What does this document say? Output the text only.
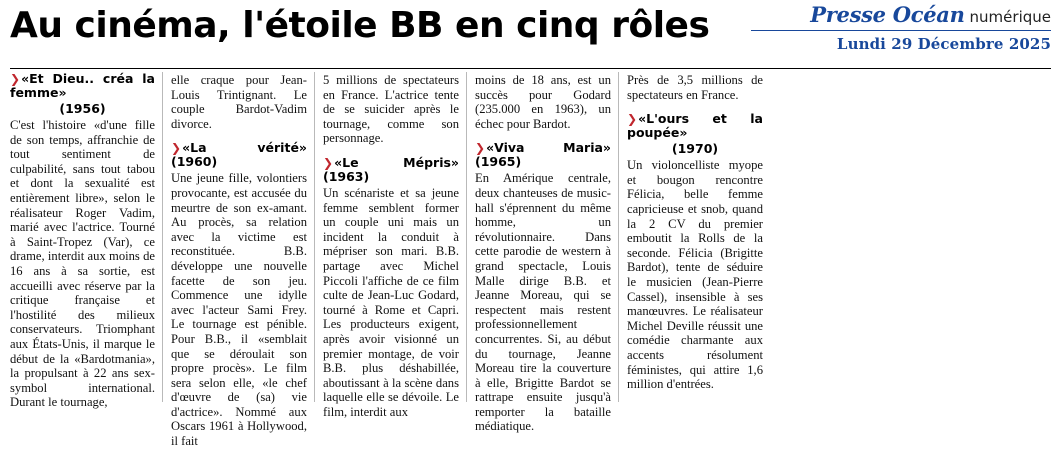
Au cinéma, l'étoile BB en cinq rôles	Presse Océan numérique
Lundi 29 Décembre 2025
❯ «Et Dieu.. créa la femme»
(1956)

C'est l'histoire «d'une fille de son temps, affranchie de tout sentiment de culpabilité, sans tout tabou et dont la sexualité est entièrement libre», selon le réalisateur Roger Vadim, marié avec l'actrice. Tourné à Saint-Tropez (Var), ce drame, interdit aux moins de 16 ans à sa sortie, est accueilli avec réserve par la critique française et l'hostilité des milieux conservateurs. Triomphant aux États-Unis, il marque le début de la «Bardotmania», la propulsant à 22 ans sex-symbol international. Durant le tournage,

elle craque pour Jean-Louis Trintignant. Le couple Bardot-Vadim divorce.

❯ «La vérité» (1960)

Une jeune fille, volontiers provocante, est accusée du meurtre de son ex-amant. Au procès, sa relation avec la victime est reconstituée. B.B. développe une nouvelle facette de son jeu. Commence une idylle avec l'acteur Sami Frey. Le tournage est pénible. Pour B.B., il «semblait que se déroulait son propre procès». Le film sera selon elle, «le chef d'œuvre de (sa) vie d'actrice». Nommé aux Oscars 1961 à Hollywood, il fait

5 millions de spectateurs en France. L'actrice tente de se suicider après le tournage, comme son personnage.

❯ «Le Mépris» (1963)

Un scénariste et sa jeune femme semblent former un couple uni mais un incident la conduit à mépriser son mari. B.B. partage avec Michel Piccoli l'affiche de ce film culte de Jean-Luc Godard, tourné à Rome et Capri. Les producteurs exigent, après avoir visionné un premier montage, de voir B.B. plus déshabillée, aboutissant à la scène dans laquelle elle se dévoile. Le film, interdit aux

moins de 18 ans, est un succès pour Godard (235.000 en 1963), un échec pour Bardot.

❯ «Viva Maria» (1965)

En Amérique centrale, deux chanteuses de music-hall s'éprennent du même homme, un révolutionnaire. Dans cette parodie de western à grand spectacle, Louis Malle dirige B.B. et Jeanne Moreau, qui se respectent mais restent professionnellement concurrentes. Si, au début du tournage, Jeanne Moreau tire la couverture à elle, Brigitte Bardot se rattrape ensuite jusqu'à remporter la bataille médiatique.

Près de 3,5 millions de spectateurs en France.

❯ «L'ours et la poupée»
(1970)

Un violoncelliste myope et bougon rencontre Félicia, belle femme capricieuse et snob, quand la 2 CV du premier emboutit la Rolls de la seconde. Félicia (Brigitte Bardot), tente de séduire le musicien (Jean-Pierre Cassel), insensible à ses manœuvres. Le réalisateur Michel Deville réussit une comédie charmante aux accents résolument féministes, qui attire 1,6 million d'entrées.
